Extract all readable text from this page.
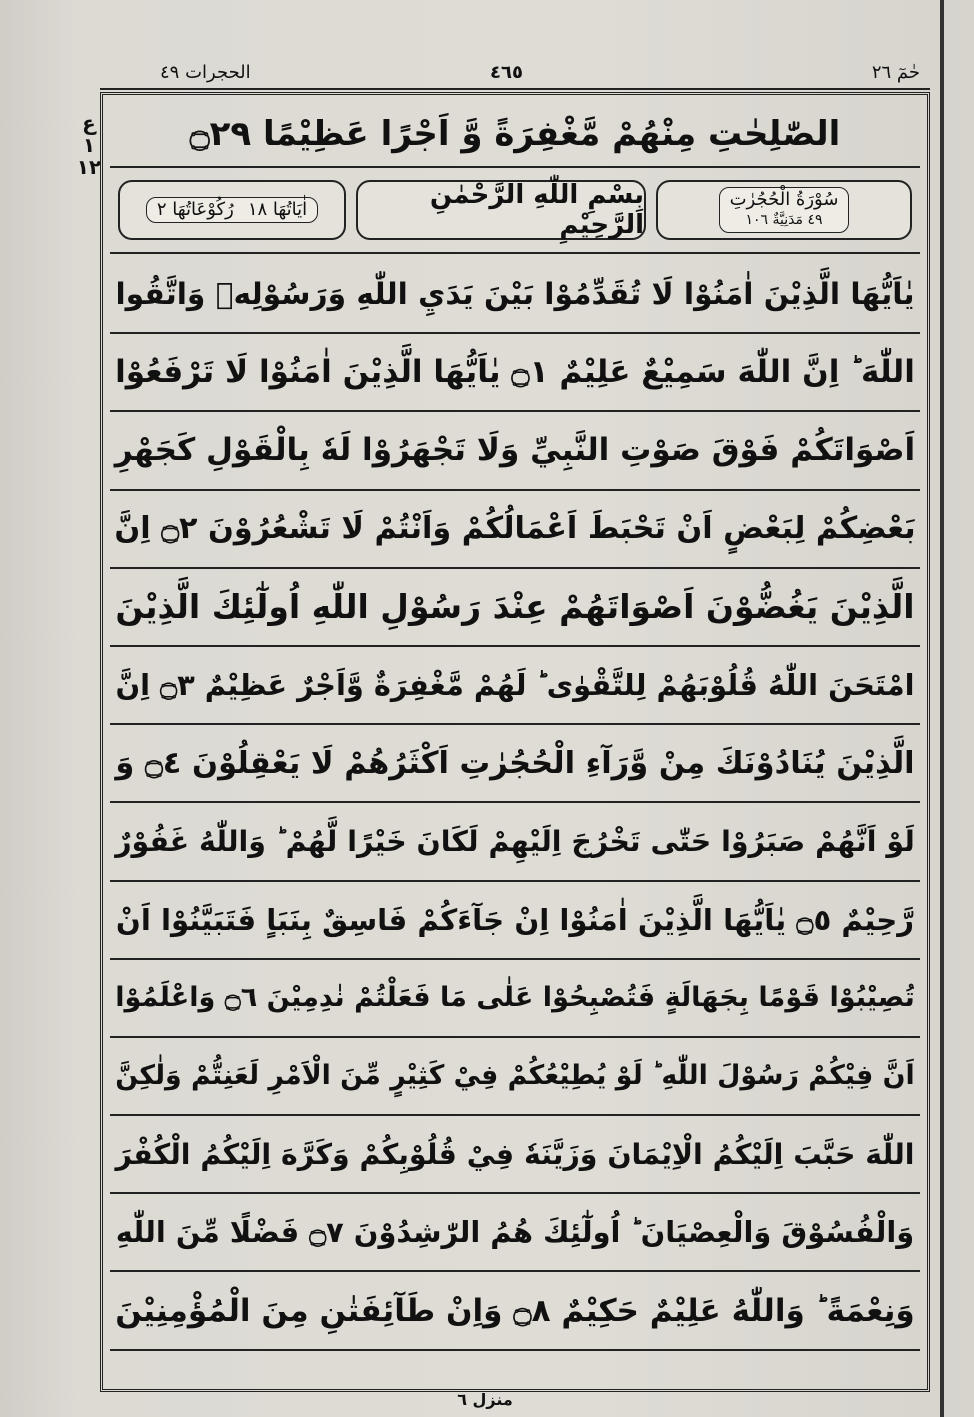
الحجرات ٤٩	٤٦٥	حٰمٓ ٢٦
ع
١
١٢
الصّٰلِحٰتِ مِنْهُمْ مَّغْفِرَةً وَّ اَجْرًا عَظِيْمًا ۝٢٩
سُوْرَةُ الْحُجُرٰتِ
٤٩ مَدَنِيَّةٌ ١٠٦
بِسْمِ اللّٰهِ الرَّحْمٰنِ الرَّحِيْمِ
اٰيَاتُهَا ١٨
رُكُوْعَاتُهَا ٢
يٰاَيُّهَا الَّذِيْنَ اٰمَنُوْا لَا تُقَدِّمُوْا بَيْنَ يَدَيِ اللّٰهِ وَرَسُوْلِهٖ وَاتَّقُوا
اللّٰهَ ؕ اِنَّ اللّٰهَ سَمِيْعٌ عَلِيْمٌ ۝١ يٰاَيُّهَا الَّذِيْنَ اٰمَنُوْا لَا تَرْفَعُوْا
اَصْوَاتَكُمْ فَوْقَ صَوْتِ النَّبِيِّ وَلَا تَجْهَرُوْا لَهٗ بِالْقَوْلِ كَجَهْرِ
بَعْضِكُمْ لِبَعْضٍ اَنْ تَحْبَطَ اَعْمَالُكُمْ وَاَنْتُمْ لَا تَشْعُرُوْنَ ۝٢ اِنَّ
الَّذِيْنَ يَغُضُّوْنَ اَصْوَاتَهُمْ عِنْدَ رَسُوْلِ اللّٰهِ اُولٰٓئِكَ الَّذِيْنَ
امْتَحَنَ اللّٰهُ قُلُوْبَهُمْ لِلتَّقْوٰى ؕ لَهُمْ مَّغْفِرَةٌ وَّاَجْرٌ عَظِيْمٌ ۝٣ اِنَّ
الَّذِيْنَ يُنَادُوْنَكَ مِنْ وَّرَآءِ الْحُجُرٰتِ اَكْثَرُهُمْ لَا يَعْقِلُوْنَ ۝٤ وَ
لَوْ اَنَّهُمْ صَبَرُوْا حَتّٰى تَخْرُجَ اِلَيْهِمْ لَكَانَ خَيْرًا لَّهُمْ ؕ وَاللّٰهُ غَفُوْرٌ
رَّحِيْمٌ ۝٥ يٰاَيُّهَا الَّذِيْنَ اٰمَنُوْا اِنْ جَآءَكُمْ فَاسِقٌ بِنَبَاٍ فَتَبَيَّنُوْا اَنْ
تُصِيْبُوْا قَوْمًا بِجَهَالَةٍ فَتُصْبِحُوْا عَلٰى مَا فَعَلْتُمْ نٰدِمِيْنَ ۝٦ وَاعْلَمُوْا
اَنَّ فِيْكُمْ رَسُوْلَ اللّٰهِ ؕ لَوْ يُطِيْعُكُمْ فِيْ كَثِيْرٍ مِّنَ الْاَمْرِ لَعَنِتُّمْ وَلٰكِنَّ
اللّٰهَ حَبَّبَ اِلَيْكُمُ الْاِيْمَانَ وَزَيَّنَهٗ فِيْ قُلُوْبِكُمْ وَكَرَّهَ اِلَيْكُمُ الْكُفْرَ
وَالْفُسُوْقَ وَالْعِصْيَانَ ؕ اُولٰٓئِكَ هُمُ الرّٰشِدُوْنَ ۝٧ فَضْلًا مِّنَ اللّٰهِ
وَنِعْمَةً ؕ وَاللّٰهُ عَلِيْمٌ حَكِيْمٌ ۝٨ وَاِنْ طَآئِفَتٰنِ مِنَ الْمُؤْمِنِيْنَ
منزل ٦
